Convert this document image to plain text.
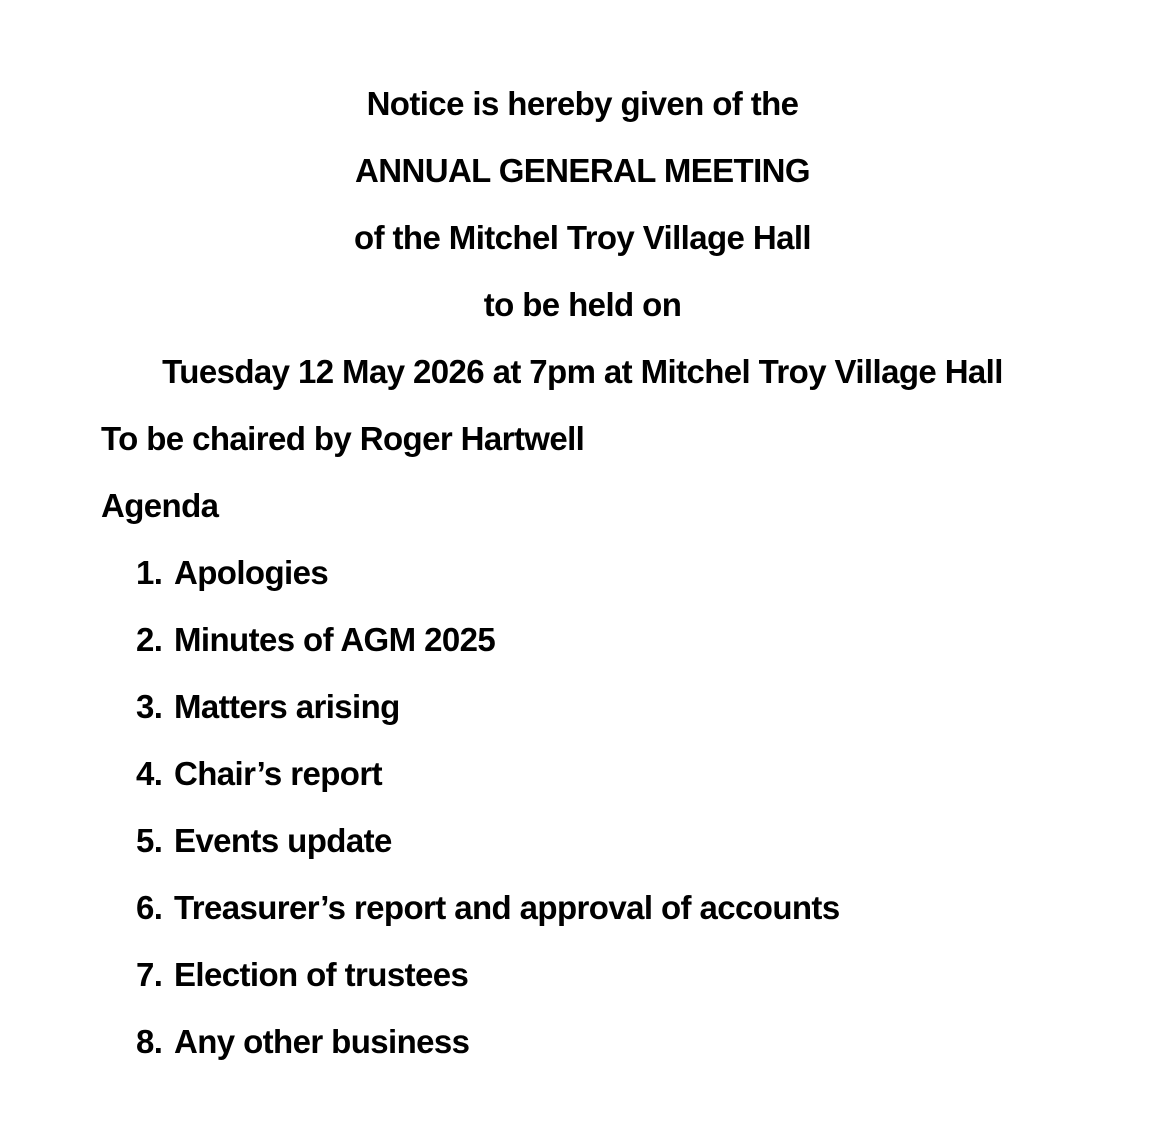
Notice is hereby given of the
ANNUAL GENERAL MEETING
of the Mitchel Troy Village Hall
to be held on
Tuesday 12 May 2026 at 7pm at Mitchel Troy Village Hall
To be chaired by Roger Hartwell
Agenda
1. Apologies
2. Minutes of AGM 2025
3. Matters arising
4. Chair’s report
5. Events update
6. Treasurer’s report and approval of accounts
7. Election of trustees
8. Any other business
